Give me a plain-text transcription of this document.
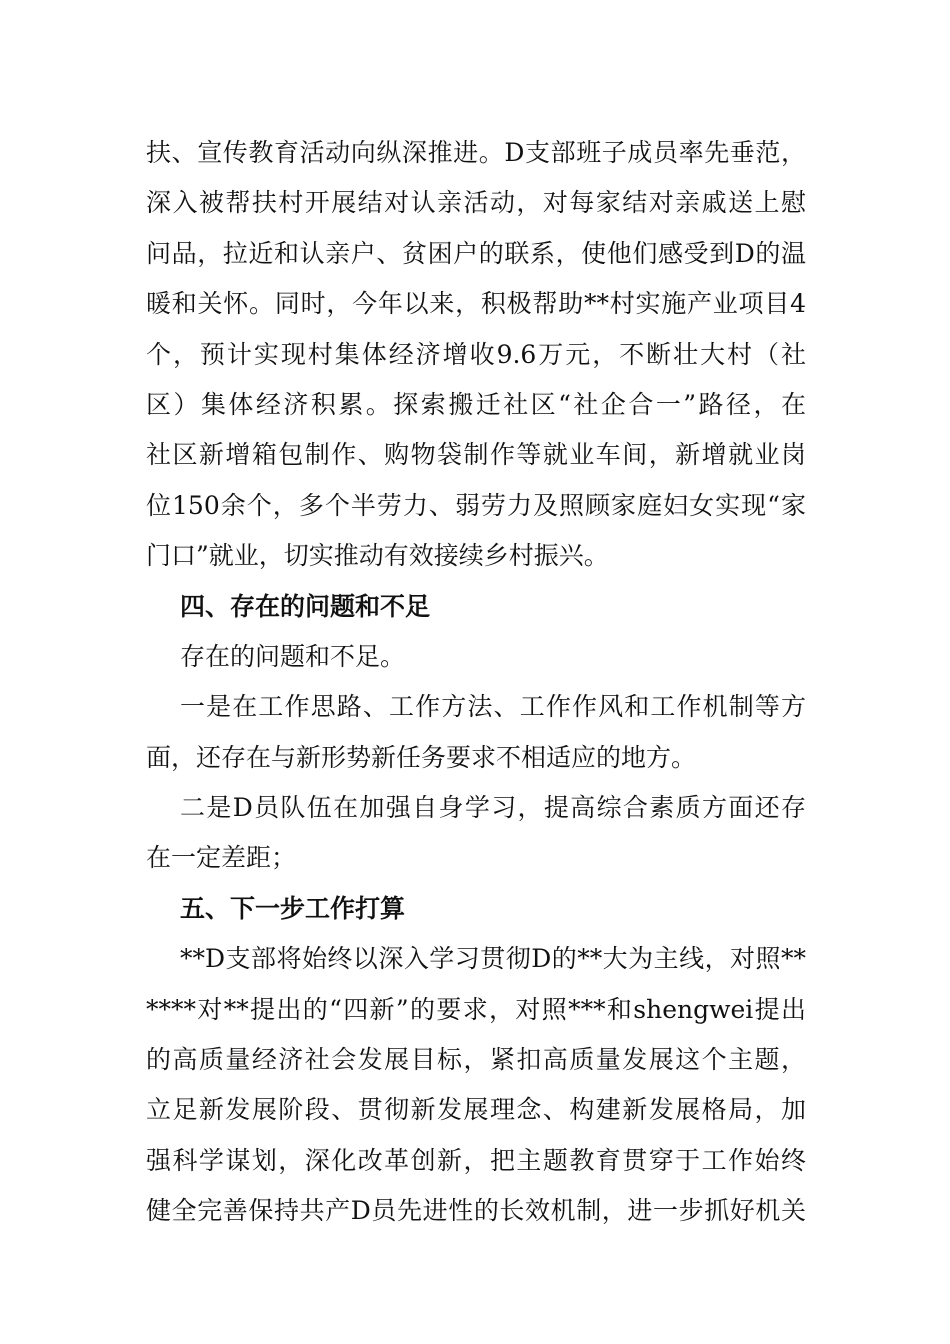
扶、宣传教育活动向纵深推进。D支部班子成员率先垂范，
深入被帮扶村开展结对认亲活动，对每家结对亲戚送上慰
问品，拉近和认亲户、贫困户的联系，使他们感受到D的温
暖和关怀。同时，今年以来，积极帮助**村实施产业项目4
个，预计实现村集体经济增收9.6万元，不断壮大村（社
区）集体经济积累。探索搬迁社区“社企合一”路径，在
社区新增箱包制作、购物袋制作等就业车间，新增就业岗
位150余个，多个半劳力、弱劳力及照顾家庭妇女实现“家
门口”就业，切实推动有效接续乡村振兴。
四、存在的问题和不足
存在的问题和不足。
一是在工作思路、工作方法、工作作风和工作机制等方
面，还存在与新形势新任务要求不相适应的地方。
二是D员队伍在加强自身学习，提高综合素质方面还存
在一定差距；
五、下一步工作打算
**D支部将始终以深入学习贯彻D的**大为主线，对照**
****对**提出的“四新”的要求，对照***和shengwei提出
的高质量经济社会发展目标，紧扣高质量发展这个主题，
立足新发展阶段、贯彻新发展理念、构建新发展格局，加
强科学谋划，深化改革创新，把主题教育贯穿于工作始终
健全完善保持共产D员先进性的长效机制，进一步抓好机关
